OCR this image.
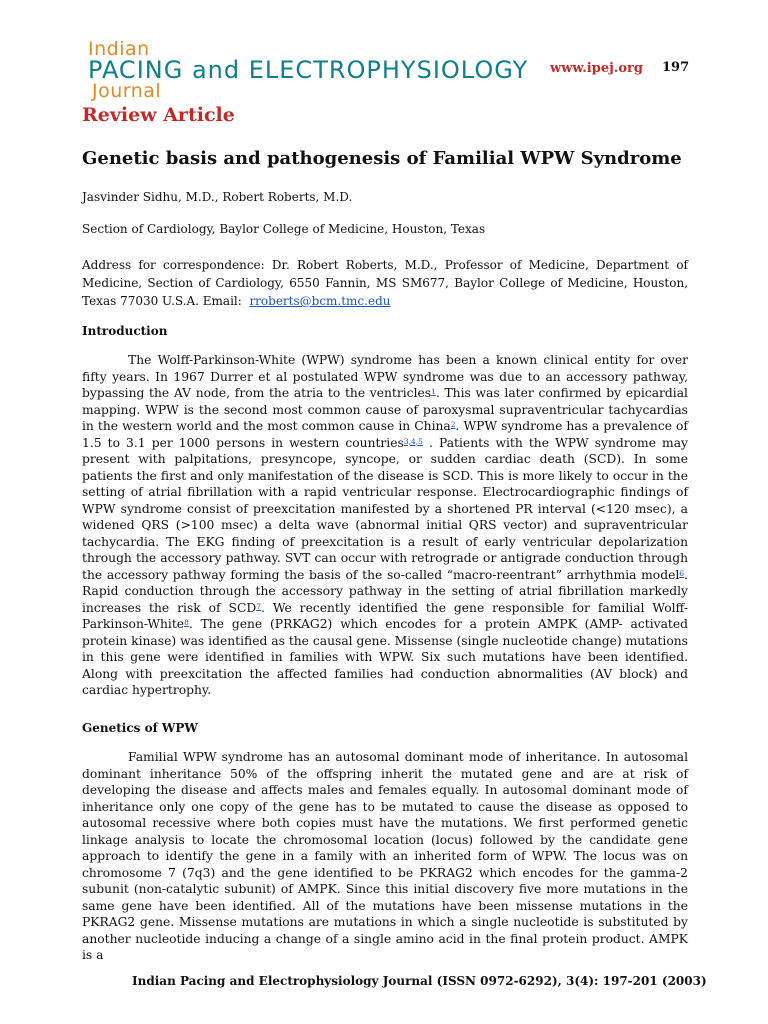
Indian
PACING and ELECTROPHYSIOLOGY
Journal
www.ipej.org 197
Review Article
Genetic basis and pathogenesis of Familial WPW Syndrome
Jasvinder Sidhu, M.D., Robert Roberts, M.D.
Section of Cardiology, Baylor College of Medicine, Houston, Texas
Address for correspondence: Dr. Robert Roberts, M.D., Professor of Medicine, Department of Medicine, Section of Cardiology, 6550 Fannin, MS SM677, Baylor College of Medicine, Houston, Texas 77030 U.S.A. Email: rroberts@bcm.tmc.edu
Introduction
The Wolff-Parkinson-White (WPW) syndrome has been a known clinical entity for over fifty years. In 1967 Durrer et al postulated WPW syndrome was due to an accessory pathway, bypassing the AV node, from the atria to the ventricles$^1$. This was later confirmed by epicardial mapping. WPW is the second most common cause of paroxysmal supraventricular tachycardias in the western world and the most common cause in China$^2$. WPW syndrome has a prevalence of 1.5 to 3.1 per 1000 persons in western countries$^{3,4,5}$ . Patients with the WPW syndrome may present with palpitations, presyncope, syncope, or sudden cardiac death (SCD). In some patients the first and only manifestation of the disease is SCD. This is more likely to occur in the setting of atrial fibrillation with a rapid ventricular response. Electrocardiographic findings of WPW syndrome consist of preexcitation manifested by a shortened PR interval (<120 msec), a widened QRS (>100 msec) a delta wave (abnormal initial QRS vector) and supraventricular tachycardia. The EKG finding of preexcitation is a result of early ventricular depolarization through the accessory pathway. SVT can occur with retrograde or antigrade conduction through the accessory pathway forming the basis of the so-called “macro-reentrant” arrhythmia model$^6$. Rapid conduction through the accessory pathway in the setting of atrial fibrillation markedly increases the risk of SCD$^7$. We recently identified the gene responsible for familial Wolff-Parkinson-White$^8$. The gene (PRKAG2) which encodes for a protein AMPK (AMP- activated protein kinase) was identified as the causal gene. Missense (single nucleotide change) mutations in this gene were identified in families with WPW. Six such mutations have been identified. Along with preexcitation the affected families had conduction abnormalities (AV block) and cardiac hypertrophy.
Genetics of WPW
Familial WPW syndrome has an autosomal dominant mode of inheritance. In autosomal dominant inheritance 50% of the offspring inherit the mutated gene and are at risk of developing the disease and affects males and females equally. In autosomal dominant mode of inheritance only one copy of the gene has to be mutated to cause the disease as opposed to autosomal recessive where both copies must have the mutations. We first performed genetic linkage analysis to locate the chromosomal location (locus) followed by the candidate gene approach to identify the gene in a family with an inherited form of WPW. The locus was on chromosome 7 (7q3) and the gene identified to be PKRAG2 which encodes for the gamma-2 subunit (non-catalytic subunit) of AMPK. Since this initial discovery five more mutations in the same gene have been identified. All of the mutations have been missense mutations in the PKRAG2 gene. Missense mutations are mutations in which a single nucleotide is substituted by another nucleotide inducing a change of a single amino acid in the final protein product. AMPK is a
Indian Pacing and Electrophysiology Journal (ISSN 0972-6292), 3(4): 197-201 (2003)
